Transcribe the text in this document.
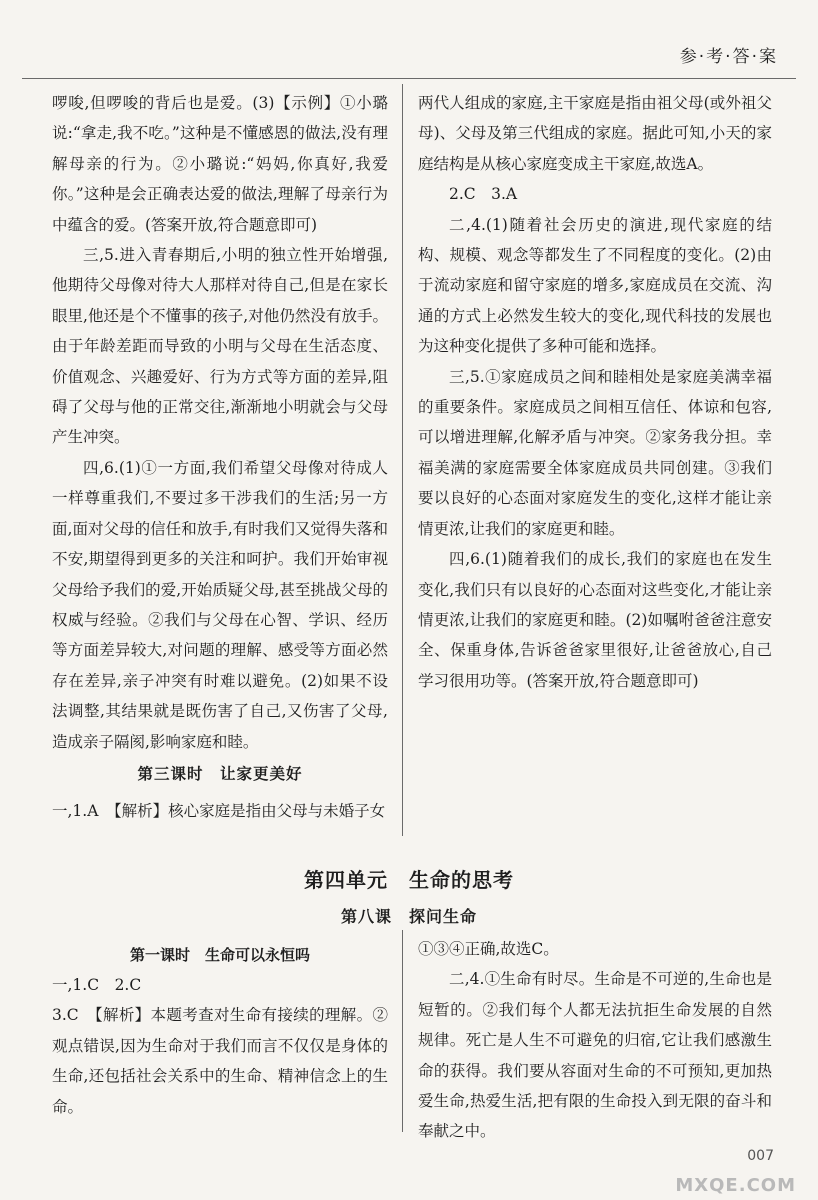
参·考·答·案

啰唆,但啰唆的背后也是爱。(3)【示例】①小璐说:“拿走,我不吃。”这种是不懂感恩的做法,没有理解母亲的行为。②小璐说:“妈妈,你真好,我爱你。”这种是会正确表达爱的做法,理解了母亲行为中蕴含的爱。(答案开放,符合题意即可)

三,5.进入青春期后,小明的独立性开始增强,他期待父母像对待大人那样对待自己,但是在家长眼里,他还是个不懂事的孩子,对他仍然没有放手。由于年龄差距而导致的小明与父母在生活态度、价值观念、兴趣爱好、行为方式等方面的差异,阻碍了父母与他的正常交往,渐渐地小明就会与父母产生冲突。

四,6.(1)①一方面,我们希望父母像对待成人一样尊重我们,不要过多干涉我们的生活;另一方面,面对父母的信任和放手,有时我们又觉得失落和不安,期望得到更多的关注和呵护。我们开始审视父母给予我们的爱,开始质疑父母,甚至挑战父母的权威与经验。②我们与父母在心智、学识、经历等方面差异较大,对问题的理解、感受等方面必然存在差异,亲子冲突有时难以避免。(2)如果不设法调整,其结果就是既伤害了自己,又伤害了父母,造成亲子隔阂,影响家庭和睦。

两代人组成的家庭,主干家庭是指由祖父母(或外祖父母)、父母及第三代组成的家庭。据此可知,小天的家庭结构是从核心家庭变成主干家庭,故选A。

2.C　3.A

二,4.(1)随着社会历史的演进,现代家庭的结构、规模、观念等都发生了不同程度的变化。(2)由于流动家庭和留守家庭的增多,家庭成员在交流、沟通的方式上必然发生较大的变化,现代科技的发展也为这种变化提供了多种可能和选择。

三,5.①家庭成员之间和睦相处是家庭美满幸福的重要条件。家庭成员之间相互信任、体谅和包容,可以增进理解,化解矛盾与冲突。②家务我分担。幸福美满的家庭需要全体家庭成员共同创建。③我们要以良好的心态面对家庭发生的变化,这样才能让亲情更浓,让我们的家庭更和睦。

四,6.(1)随着我们的成长,我们的家庭也在发生变化,我们只有以良好的心态面对这些变化,才能让亲情更浓,让我们的家庭更和睦。(2)如嘱咐爸爸注意安全、保重身体,告诉爸爸家里很好,让爸爸放心,自己学习很用功等。(答案开放,符合题意即可)

第三课时　让家更美好
一,1.A　【解析】核心家庭是指由父母与未婚子女
第四单元　生命的思考
第八课　探问生命
第一课时　生命可以永恒吗

一,1.C　2.C

3.C　【解析】本题考查对生命有接续的理解。②观点错误,因为生命对于我们而言不仅仅是身体的生命,还包括社会关系中的生命、精神信念上的生命。

①③④正确,故选C。

二,4.①生命有时尽。生命是不可逆的,生命也是短暂的。②我们每个人都无法抗拒生命发展的自然规律。死亡是人生不可避免的归宿,它让我们感激生命的获得。我们要从容面对生命的不可预知,更加热爱生命,热爱生活,把有限的生命投入到无限的奋斗和奉献之中。

007
MXQE.COM
